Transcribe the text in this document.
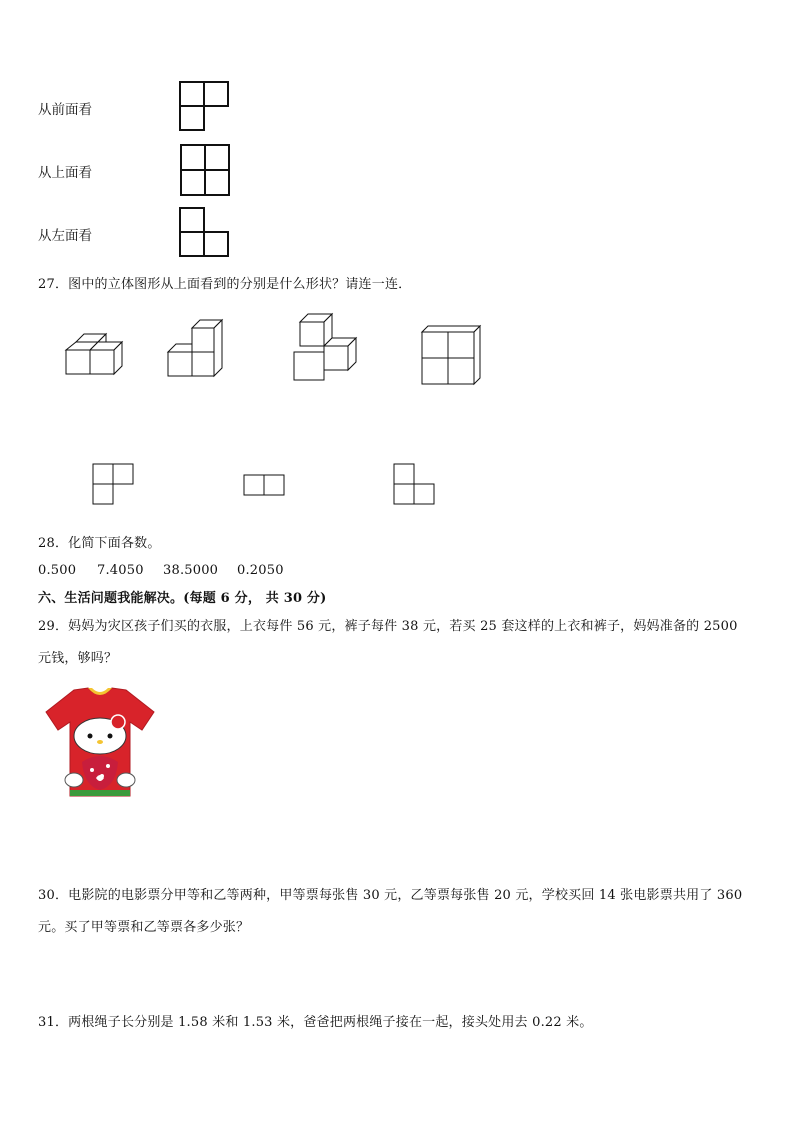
从前面看
从上面看
从左面看
27．图中的立体图形从上面看到的分别是什么形状？请连一连．
28．化简下面各数。
0.500 7.4050 38.5000 0.2050
六、生活问题我能解决。(每题 6 分， 共 30 分)
29．妈妈为灾区孩子们买的衣服，上衣每件 56 元，裤子每件 38 元，若买 25 套这样的上衣和裤子，妈妈准备的 2500
元钱，够吗？
30．电影院的电影票分甲等和乙等两种，甲等票每张售 30 元，乙等票每张售 20 元，学校买回 14 张电影票共用了 360
元。买了甲等票和乙等票各多少张？
31．两根绳子长分别是 1.58 米和 1.53 米，爸爸把两根绳子接在一起，接头处用去 0.22 米。
